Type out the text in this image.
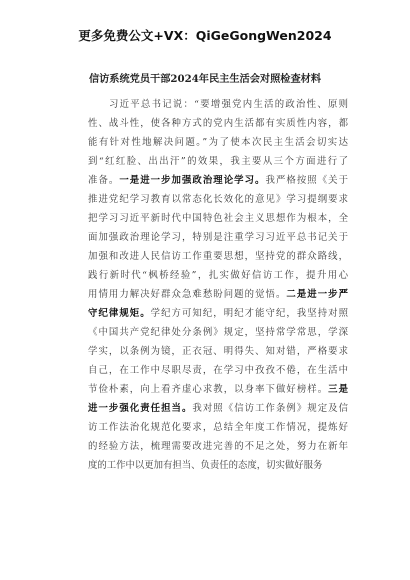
更多免费公文+VX：QiGeGongWen2024
信访系统党员干部2024年民主生活会对照检查材料
习近平总书记说：“要增强党内生活的政治性、原则
性、战斗性，使各种方式的党内生活都有实质性内容，都
能有针对性地解决问题。”为了使本次民主生活会切实达
到“红红脸、出出汗”的效果，我主要从三个方面进行了
准备。一是进一步加强政治理论学习。我严格按照《关于
推进党纪学习教育以常态化长效化的意见》学习提纲要求
把学习习近平新时代中国特色社会主义思想作为根本，全
面加强政治理论学习，特别是注重学习习近平总书记关于
加强和改进人民信访工作重要思想，坚持党的群众路线，
践行新时代“枫桥经验”，扎实做好信访工作，提升用心
用情用力解决好群众急难愁盼问题的觉悟。二是进一步严
守纪律规矩。学纪方可知纪，明纪才能守纪，我坚持对照
《中国共产党纪律处分条例》规定，坚持常学常思，学深
学实，以条例为镜，正衣冠、明得失、知对错，严格要求
自己，在工作中尽职尽责，在学习中孜孜不倦，在生活中
节俭朴素，向上看齐虚心求教，以身率下做好榜样。三是
进一步强化责任担当。我对照《信访工作条例》规定及信
访工作法治化规范化要求，总结全年度工作情况，提炼好
的经验方法，梳理需要改进完善的不足之处，努力在新年
度的工作中以更加有担当、负责任的态度，切实做好服务
